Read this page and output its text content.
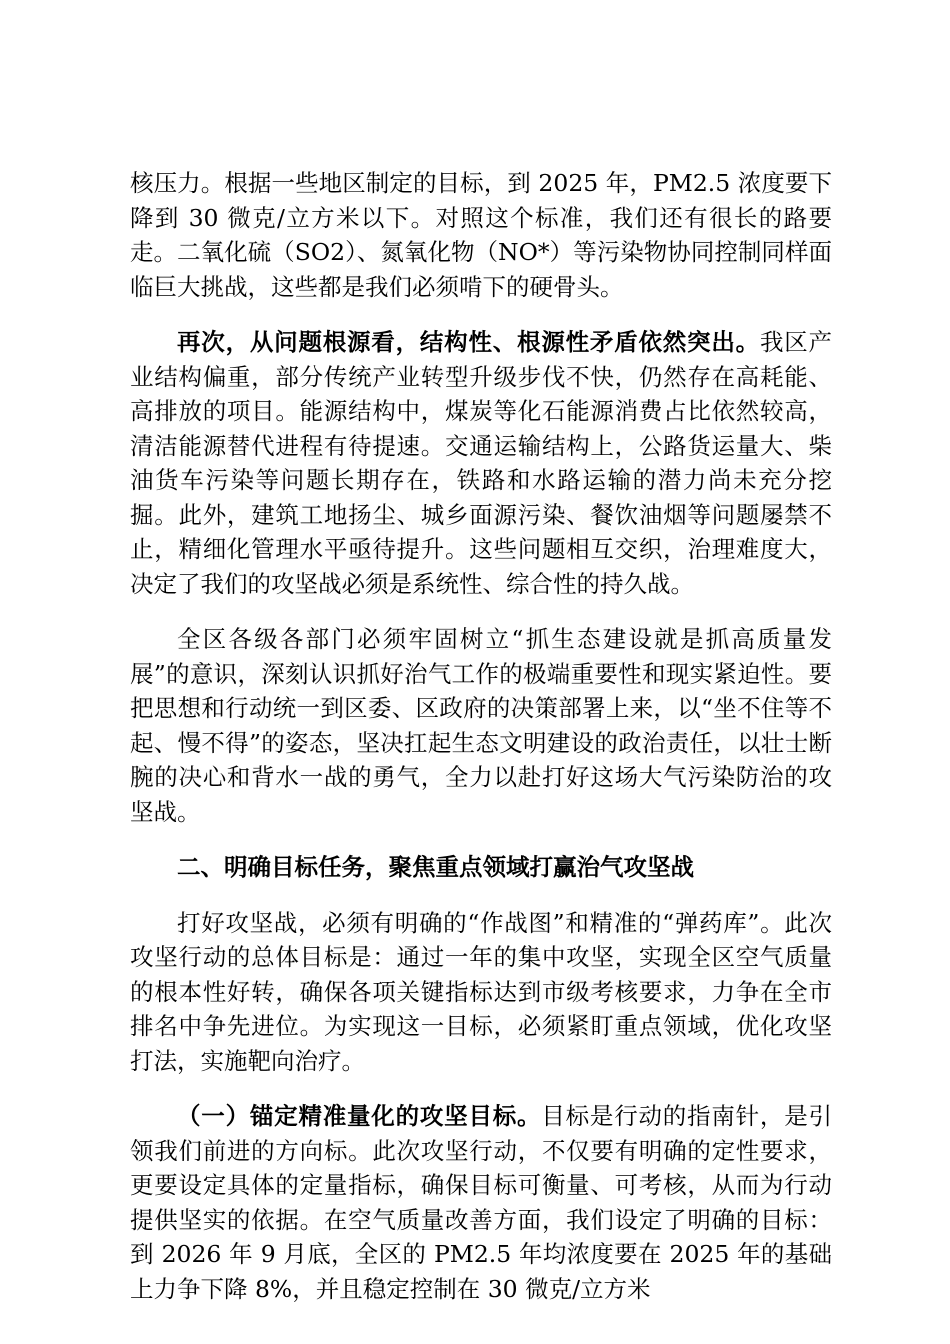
核压力。根据一些地区制定的目标，到 2025 年，PM2.5 浓度要下降到 30 微克/立方米以下。对照这个标准，我们还有很长的路要走。二氧化硫（SO2）、氮氧化物（NO*）等污染物协同控制同样面临巨大挑战，这些都是我们必须啃下的硬骨头。

再次，从问题根源看，结构性、根源性矛盾依然突出。我区产业结构偏重，部分传统产业转型升级步伐不快，仍然存在高耗能、高排放的项目。能源结构中，煤炭等化石能源消费占比依然较高，清洁能源替代进程有待提速。交通运输结构上，公路货运量大、柴油货车污染等问题长期存在，铁路和水路运输的潜力尚未充分挖掘。此外，建筑工地扬尘、城乡面源污染、餐饮油烟等问题屡禁不止，精细化管理水平亟待提升。这些问题相互交织，治理难度大，决定了我们的攻坚战必须是系统性、综合性的持久战。

全区各级各部门必须牢固树立“抓生态建设就是抓高质量发展”的意识，深刻认识抓好治气工作的极端重要性和现实紧迫性。要把思想和行动统一到区委、区政府的决策部署上来，以“坐不住等不起、慢不得”的姿态，坚决扛起生态文明建设的政治责任，以壮士断腕的决心和背水一战的勇气，全力以赴打好这场大气污染防治的攻坚战。

二、明确目标任务，聚焦重点领域打赢治气攻坚战

打好攻坚战，必须有明确的“作战图”和精准的“弹药库”。此次攻坚行动的总体目标是：通过一年的集中攻坚，实现全区空气质量的根本性好转，确保各项关键指标达到市级考核要求，力争在全市排名中争先进位。为实现这一目标，必须紧盯重点领域，优化攻坚打法，实施靶向治疗。

（一）锚定精准量化的攻坚目标。目标是行动的指南针，是引领我们前进的方向标。此次攻坚行动，不仅要有明确的定性要求，更要设定具体的定量指标，确保目标可衡量、可考核，从而为行动提供坚实的依据。在空气质量改善方面，我们设定了明确的目标：到 2026 年 9 月底，全区的 PM2.5 年均浓度要在 2025 年的基础上力争下降 8%，并且稳定控制在 30 微克/立方米
